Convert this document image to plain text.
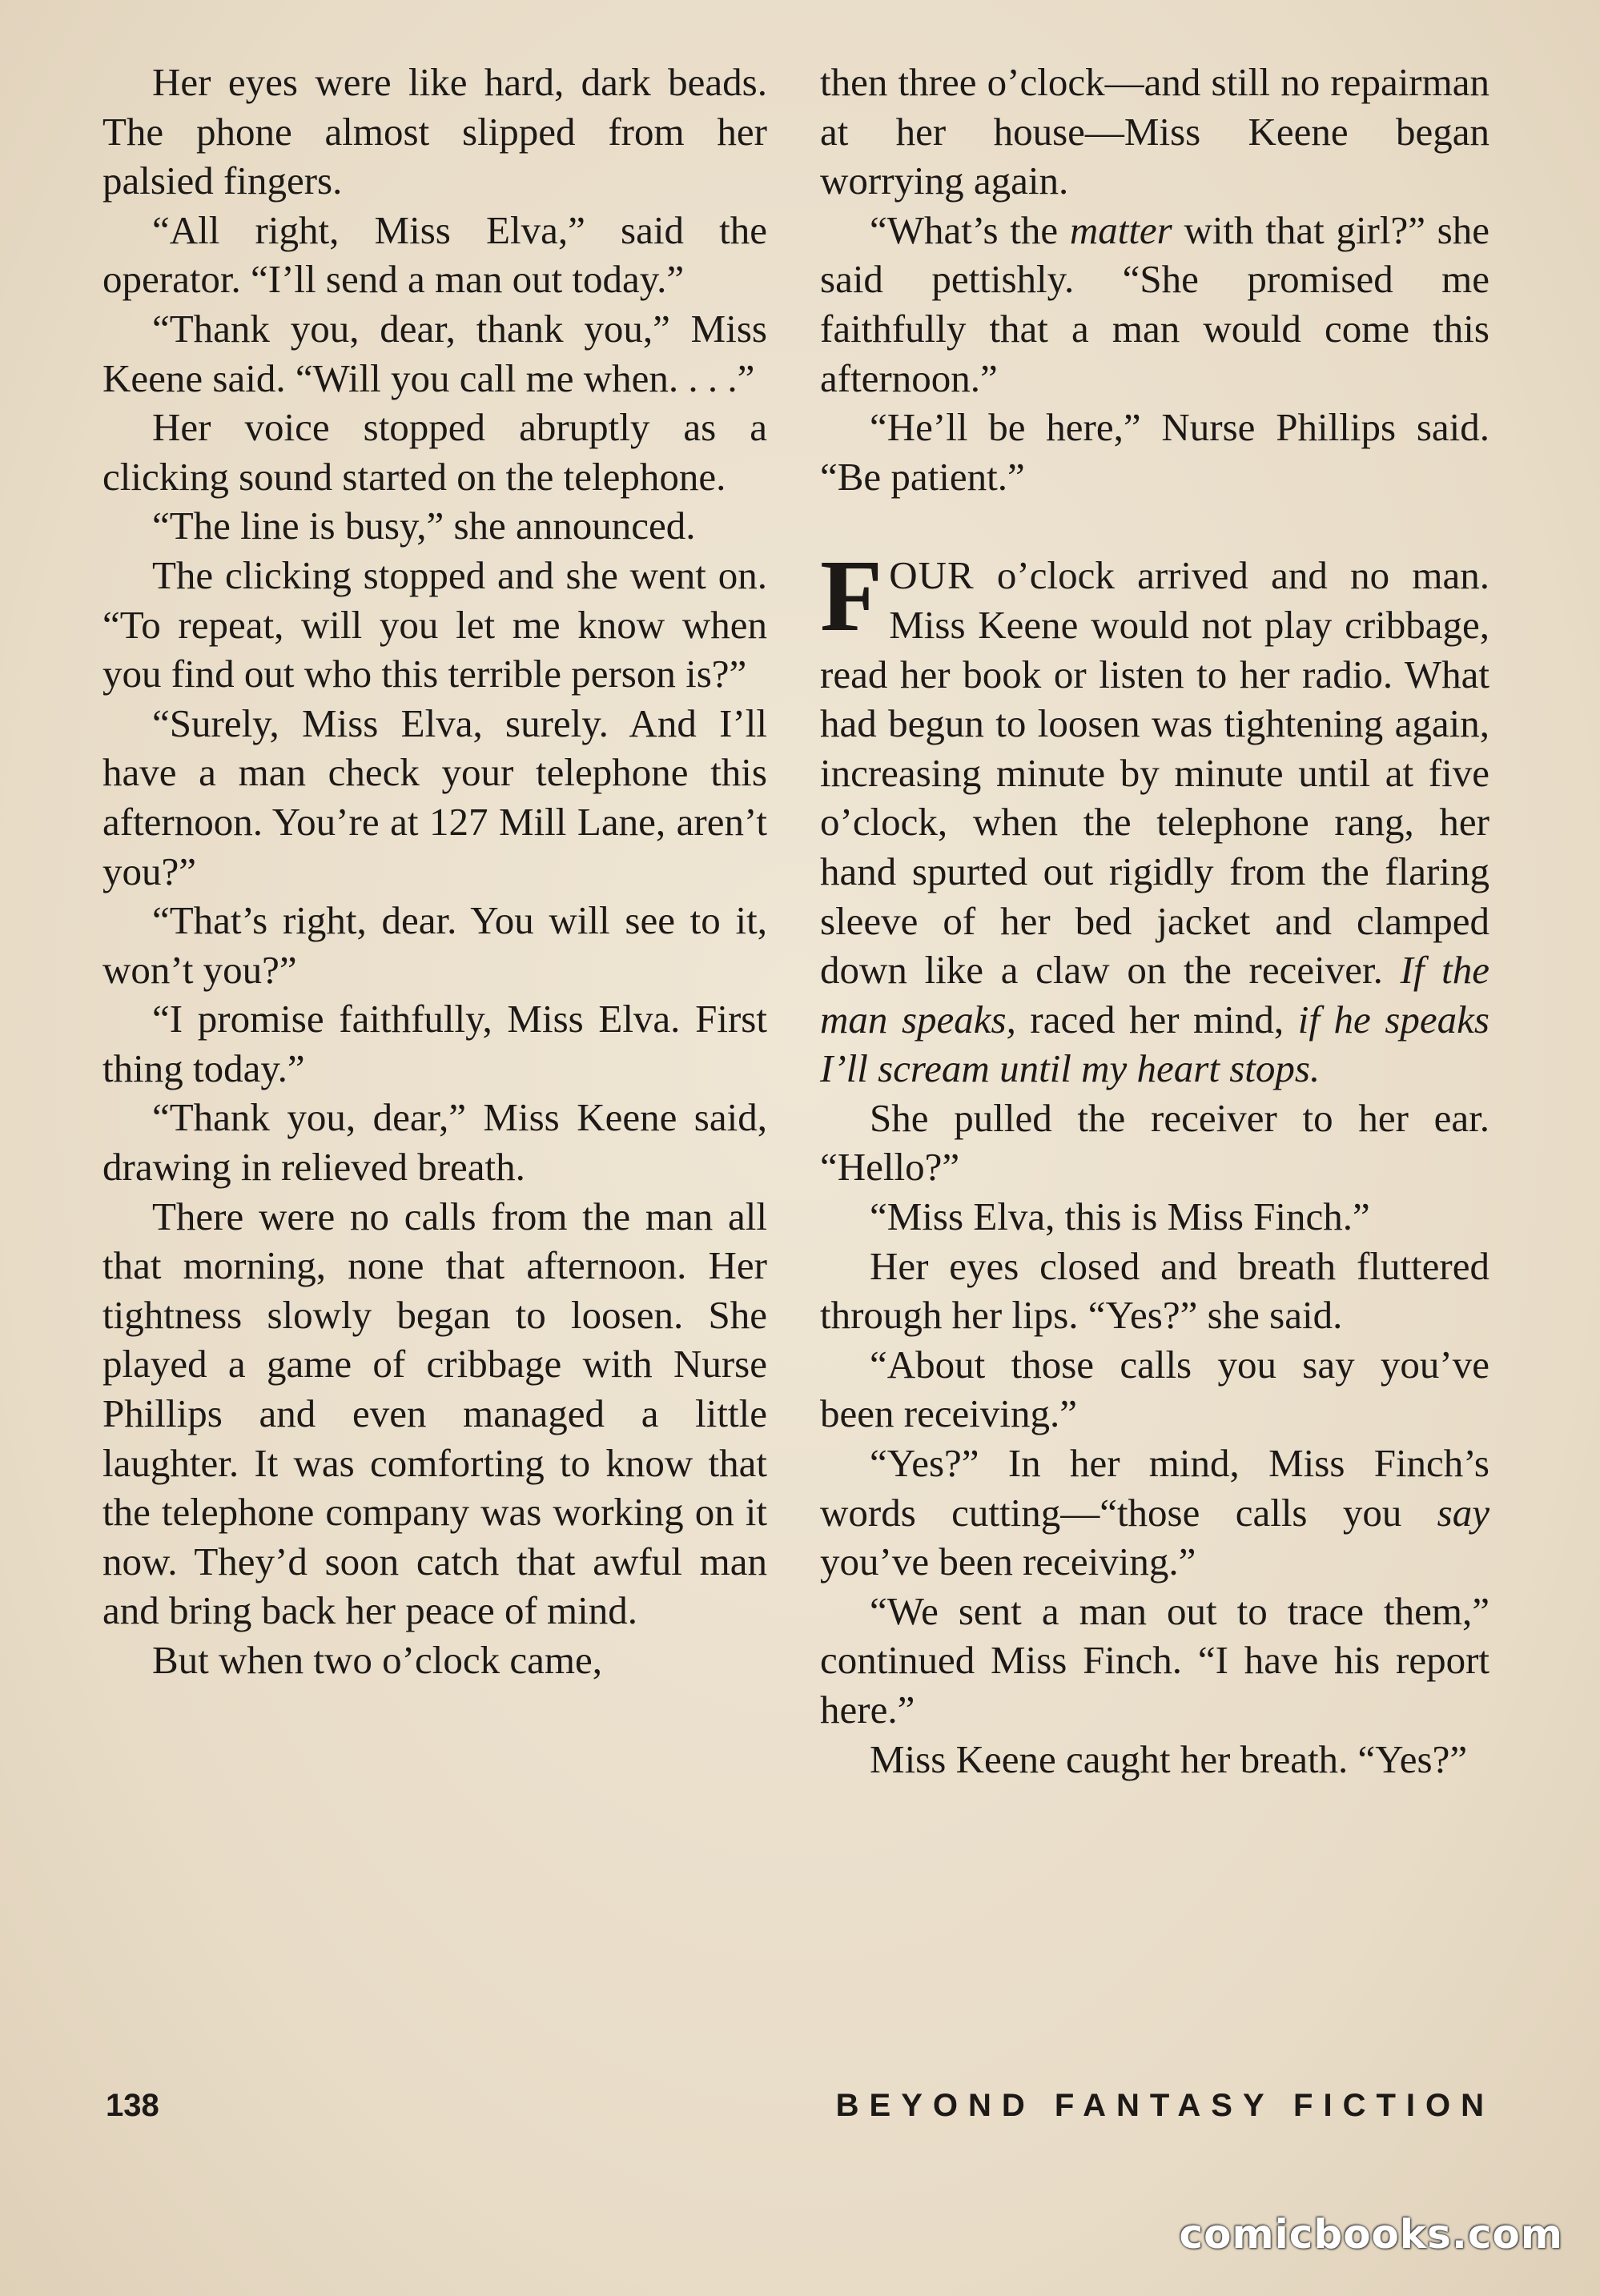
Her eyes were like hard, dark beads. The phone almost slipped from her palsied fingers.

“All right, Miss Elva,” said the operator. “I’ll send a man out today.”

“Thank you, dear, thank you,” Miss Keene said. “Will you call me when. . . .”

Her voice stopped abruptly as a clicking sound started on the telephone.

“The line is busy,” she announced.

The clicking stopped and she went on. “To repeat, will you let me know when you find out who this terrible person is?”

“Surely, Miss Elva, surely. And I’ll have a man check your telephone this afternoon. You’re at 127 Mill Lane, aren’t you?”

“That’s right, dear. You will see to it, won’t you?”

“I promise faithfully, Miss Elva. First thing today.”

“Thank you, dear,” Miss Keene said, drawing in relieved breath.

There were no calls from the man all that morning, none that afternoon. Her tightness slowly began to loosen. She played a game of cribbage with Nurse Phillips and even managed a little laughter. It was comforting to know that the telephone company was working on it now. They’d soon catch that awful man and bring back her peace of mind.

But when two o’clock came,

then three o’clock—and still no repairman at her house—Miss Keene began worrying again.

“What’s the matter with that girl?” she said pettishly. “She promised me faithfully that a man would come this afternoon.”

“He’ll be here,” Nurse Phillips said. “Be patient.”

FOUR o’clock arrived and no man. Miss Keene would not play cribbage, read her book or listen to her radio. What had begun to loosen was tightening again, increasing minute by minute until at five o’clock, when the telephone rang, her hand spurted out rigidly from the flaring sleeve of her bed jacket and clamped down like a claw on the receiver. If the man speaks, raced her mind, if he speaks I’ll scream until my heart stops.

She pulled the receiver to her ear. “Hello?”

“Miss Elva, this is Miss Finch.”

Her eyes closed and breath fluttered through her lips. “Yes?” she said.

“About those calls you say you’ve been receiving.”

“Yes?” In her mind, Miss Finch’s words cutting—“those calls you say you’ve been receiving.”

“We sent a man out to trace them,” continued Miss Finch. “I have his report here.”

Miss Keene caught her breath. “Yes?”

138	BEYOND FANTASY FICTION
comicbooks.com
